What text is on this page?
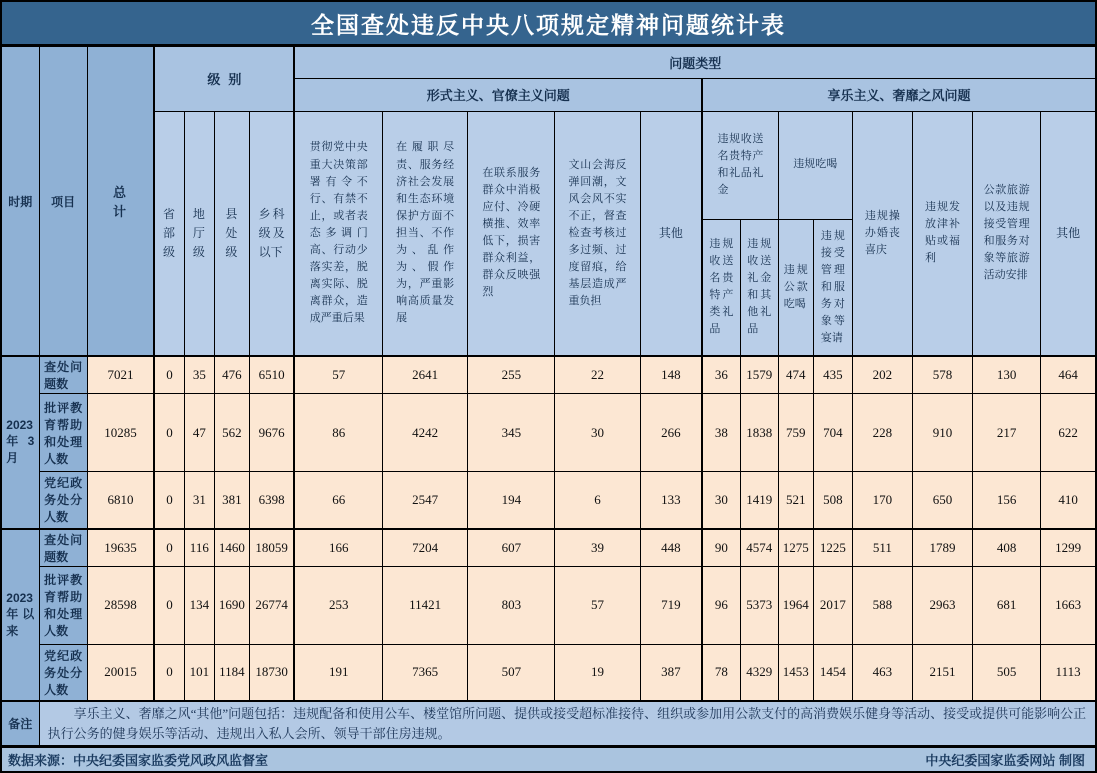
全国查处违反中央八项规定精神问题统计表
时期	项目	总计	级别				问题类型												
							形式主义、官僚主义问题					享乐主义、奢靡之风问题							

			省部级	地厅级	县处级	乡科级及以下	贯彻党中央重大决策部署有令不行、有禁不止，或者表态多调门高、行动少落实差，脱离实际、脱离群众，造成严重后果	在履职尽责、服务经济社会发展和生态环境保护方面不担当、不作为、乱作为、假作为，严重影响高质量发展	在联系服务群众中消极应付、冷硬横推、效率低下，损害群众利益，群众反映强烈	文山会海反弹回潮，文风会风不实不正，督查检查考核过多过频、过度留痕，给基层造成严重负担	其他	违规收送名贵特产和礼品礼金		违规吃喝		违规操办婚丧喜庆	违规发放津补贴或福利	公款旅游以及违规接受管理和服务对象等旅游活动安排	其他

												违规收送名贵特产类礼品	违规收送礼金和其他礼品	违规公款吃喝	违规接受管理和服务对象等宴请				

2023年3月	查处问题数	7021	0	35	476	6510	57	2641	255	22	148	36	1579	474	435	202	578	130	464

	批评教育帮助和处理人数	10285	0	47	562	9676	86	4242	345	30	266	38	1838	759	704	228	910	217	622

	党纪政务处分人数	6810	0	31	381	6398	66	2547	194	6	133	30	1419	521	508	170	650	156	410

2023年以来	查处问题数	19635	0	116	1460	18059	166	7204	607	39	448	90	4574	1275	1225	511	1789	408	1299

	批评教育帮助和处理人数	28598	0	134	1690	26774	253	11421	803	57	719	96	5373	1964	2017	588	2963	681	1663

	党纪政务处分人数	20015	0	101	1184	18730	191	7365	507	19	387	78	4329	1453	1454	463	2151	505	1113
备注	享乐主义、奢靡之风“其他”问题包括：违规配备和使用公车、楼堂馆所问题、提供或接受超标准接待、组织或参加用公款支付的高消费娱乐健身等活动、接受或提供可能影响公正执行公务的健身娱乐等活动、违规出入私人会所、领导干部住房违规。																		
数据来源：中央纪委国家监委党风政风监督室	中央纪委国家监委网站 制图
